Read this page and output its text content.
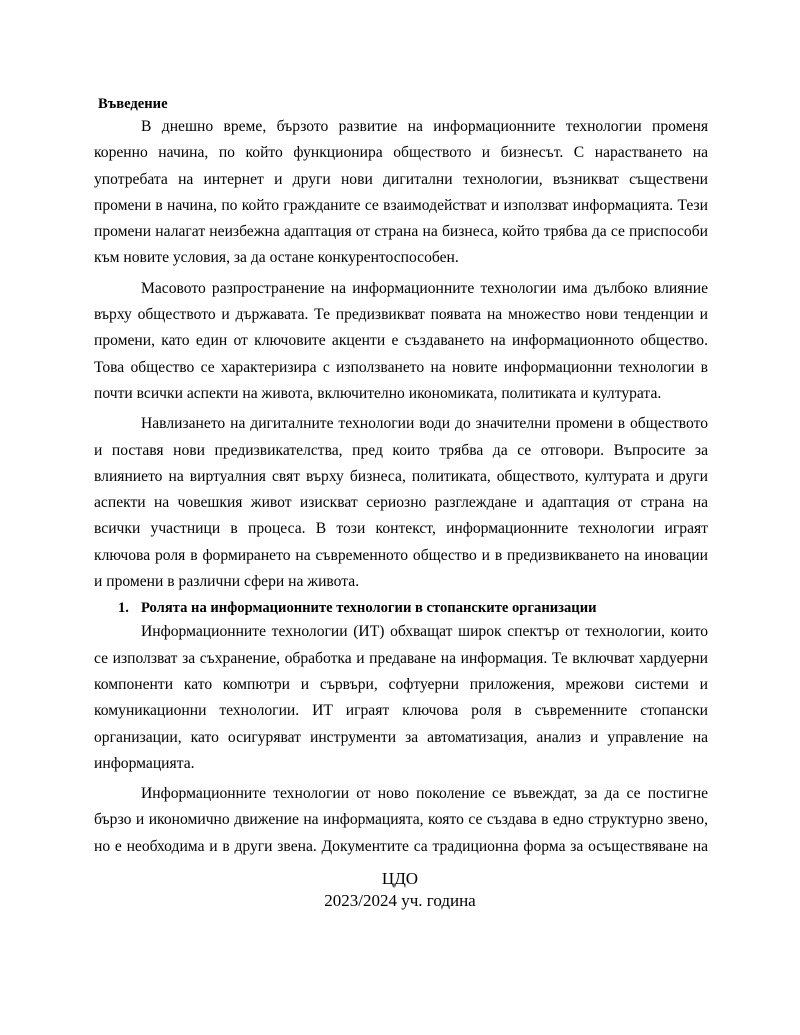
Въведение

В днешно време, бързото развитие на информационните технологии променя коренно начина, по който функционира обществото и бизнесът. С нарастването на употребата на интернет и други нови дигитални технологии, възникват съществени промени в начина, по който гражданите се взаимодействат и използват информацията. Тези промени налагат неизбежна адаптация от страна на бизнеса, който трябва да се приспособи към новите условия, за да остане конкурентоспособен.

Масовото разпространение на информационните технологии има дълбоко влияние върху обществото и държавата. Те предизвикват появата на множество нови тенденции и промени, като един от ключовите акценти е създаването на информационното общество. Това общество се характеризира с използването на новите информационни технологии в почти всички аспекти на живота, включително икономиката, политиката и културата.

Навлизането на дигиталните технологии води до значителни промени в обществото и поставя нови предизвикателства, пред които трябва да се отговори. Въпросите за влиянието на виртуалния свят върху бизнеса, политиката, обществото, културата и други аспекти на човешкия живот изискват сериозно разглеждане и адаптация от страна на всички участници в процеса. В този контекст, информационните технологии играят ключова роля в формирането на съвременното общество и в предизвикването на иновации и промени в различни сфери на живота.

1. Ролята на информационните технологии в стопанските организации

Информационните технологии (ИТ) обхващат широк спектър от технологии, които се използват за съхранение, обработка и предаване на информация. Те включват хардуерни компоненти като компютри и сървъри, софтуерни приложения, мрежови системи и комуникационни технологии. ИТ играят ключова роля в съвременните стопански организации, като осигуряват инструменти за автоматизация, анализ и управление на информацията.

Информационните технологии от ново поколение се въвеждат, за да се постигне бързо и икономично движение на информацията, която се създава в едно структурно звено, но е необходима и в други звена. Документите са традиционна форма за осъществяване на

ЦДО
2023/2024 уч. година
